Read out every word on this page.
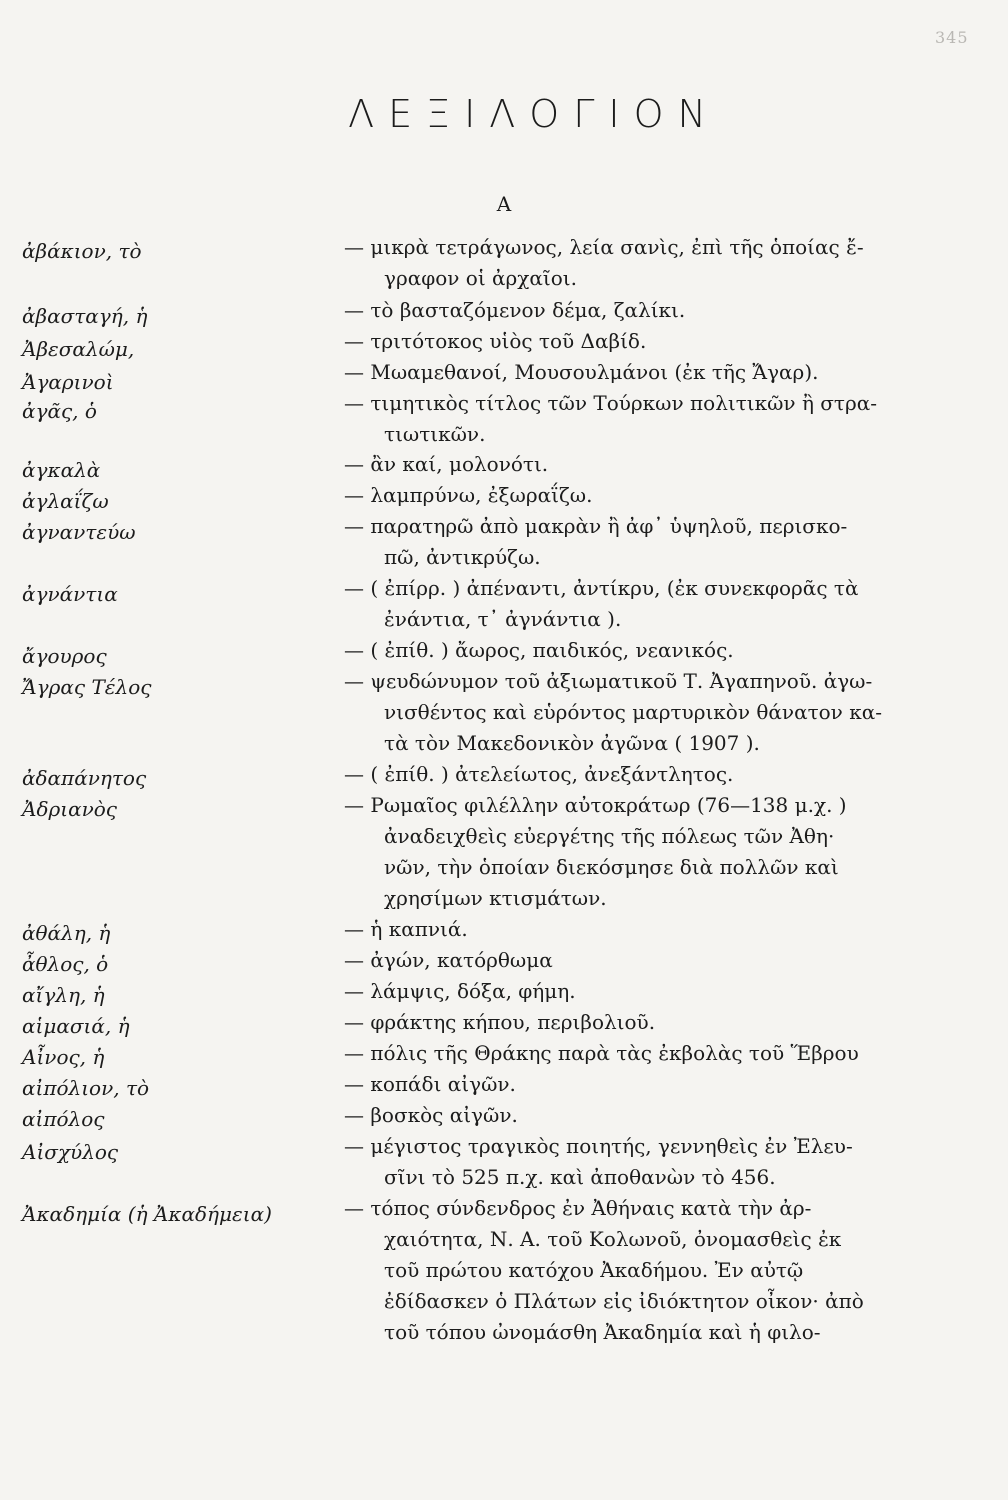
345
ΛΕΞΙΛΟΓΙΟΝ
Α
ἀβάκιον, τὸ	— μικρὰ τετράγωνος, λεία σανὶς, ἐπὶ τῆς ὁποίας ἔ-
γραφον οἱ ἀρχαῖοι.
ἀβασταγή, ἡ	— τὸ βασταζόμενον δέμα, ζαλίκι.
Ἀβεσαλώμ,	— τριτότοκος υἱὸς τοῦ Δαβίδ.
Ἀγαρινοὶ	— Μωαμεθανοί, Μουσουλμάνοι (ἐκ τῆς Ἄγαρ).
ἀγᾶς, ὁ	— τιμητικὸς τίτλος τῶν Τούρκων πολιτικῶν ἢ στρα-
τιωτικῶν.
ἀγκαλὰ	— ἂν καί, μολονότι.
ἀγλαΐζω	— λαμπρύνω, ἐξωραΐζω.
ἀγναντεύω	— παρατηρῶ ἀπὸ μακρὰν ἢ ἀφ᾽ ὑψηλοῦ, περισκο-
πῶ, ἀντικρύζω.
ἀγνάντια	— ( ἐπίρρ. ) ἀπέναντι, ἀντίκρυ, (ἐκ συνεκφορᾶς τὰ
ἐνάντια, τ᾽ ἀγνάντια ).
ἄγουρος	— ( ἐπίθ. ) ἄωρος, παιδικός, νεανικός.
Ἄγρας Τέλος	— ψευδώνυμον τοῦ ἀξιωματικοῦ Τ. Ἀγαπηνοῦ. ἀγω-
νισθέντος καὶ εὑρόντος μαρτυρικὸν θάνατον κα-
τὰ τὸν Μακεδονικὸν ἀγῶνα ( 1907 ).
ἀδαπάνητος	— ( ἐπίθ. ) ἀτελείωτος, ἀνεξάντλητος.
Ἀδριανὸς	— Ρωμαῖος φιλέλλην αὐτοκράτωρ (76—138 μ.χ. )
ἀναδειχθεὶς εὐεργέτης τῆς πόλεως τῶν Ἀθη·
νῶν, τὴν ὁποίαν διεκόσμησε διὰ πολλῶν καὶ
χρησίμων κτισμάτων.
ἀθάλη, ἡ	— ἡ καπνιά.
ἆθλος, ὁ	— ἀγών, κατόρθωμα
αἴγλη, ἡ	— λάμψις, δόξα, φήμη.
αἱμασιά, ἡ	— φράκτης κήπου, περιβολιοῦ.
Αἶνος, ἡ	— πόλις τῆς Θράκης παρὰ τὰς ἐκβολὰς τοῦ Ἕβρου
αἰπόλιον, τὸ	— κοπάδι αἰγῶν.
αἰπόλος	— βοσκὸς αἰγῶν.
Αἰσχύλος	— μέγιστος τραγικὸς ποιητής, γεννηθεὶς ἐν Ἐλευ-
σῖνι τὸ 525 π.χ. καὶ ἀποθανὼν τὸ 456.
Ἀκαδημία (ἡ Ἀκαδήμεια)	— τόπος σύνδενδρος ἐν Ἀθήναις κατὰ τὴν ἀρ-
χαιότητα, Ν. Α. τοῦ Κολωνοῦ, ὀνομασθεὶς ἐκ
τοῦ πρώτου κατόχου Ἀκαδήμου. Ἐν αὐτῷ
ἐδίδασκεν ὁ Πλάτων εἰς ἰδιόκτητον οἶκον· ἀπὸ
τοῦ τόπου ὠνομάσθη Ἀκαδημία καὶ ἡ φιλο-
